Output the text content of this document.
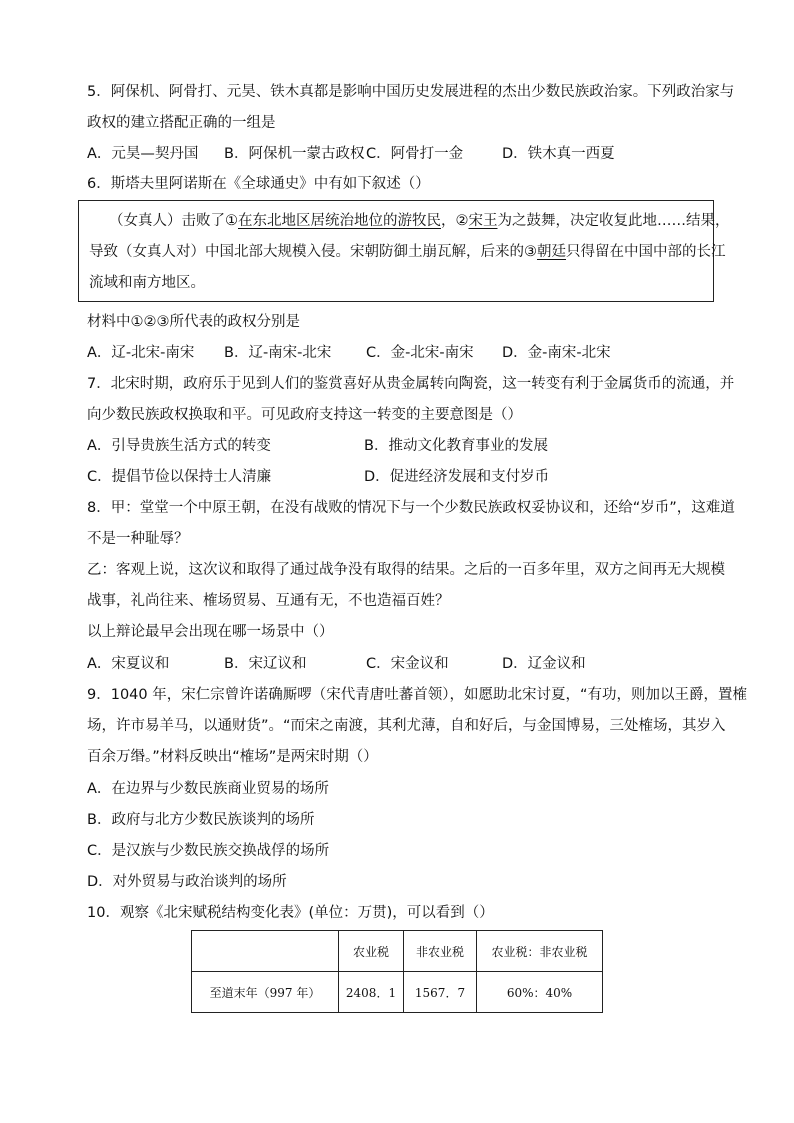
5．阿保机、阿骨打、元昊、铁木真都是影响中国历史发展进程的杰出少数民族政治家。下列政治家与
政权的建立搭配正确的一组是
A．元昊—契丹国 B．阿保机一蒙古政权 C．阿骨打一金	D．铁木真一西夏
6．斯塔夫里阿诺斯在《全球通史》中有如下叙述（）
（女真人）击败了①在东北地区居统治地位的游牧民，②宋王为之鼓舞，决定收复此地……结果，
导致（女真人对）中国北部大规模入侵。宋朝防御土崩瓦解，后来的③朝廷只得留在中国中部的长江
流域和南方地区。
材料中①②③所代表的政权分别是
A．辽-北宋-南宋 B．辽-南宋-北宋 C．金-北宋-南宋 D．金-南宋-北宋
7．北宋时期，政府乐于见到人们的鉴赏喜好从贵金属转向陶瓷，这一转变有利于金属货币的流通，并
向少数民族政权换取和平。可见政府支持这一转变的主要意图是（）
A．引导贵族生活方式的转变	B．推动文化教育事业的发展
C．提倡节俭以保持士人清廉	D．促进经济发展和支付岁币
8．甲：堂堂一个中原王朝，在没有战败的情况下与一个少数民族政权妥协议和，还给“岁币”，这难道
不是一种耻辱？
乙：客观上说，这次议和取得了通过战争没有取得的结果。之后的一百多年里，双方之间再无大规模
战事，礼尚往来、榷场贸易、互通有无，不也造福百姓？
以上辩论最早会出现在哪一场景中（）
A．宋夏议和	B．宋辽议和	C．宋金议和	D．辽金议和
9．1040 年，宋仁宗曾许诺确厮啰（宋代青唐吐蕃首领），如愿助北宋讨夏，“有功，则加以王爵，置榷
场，许市易羊马，以通财货”。“而宋之南渡，其利尤薄，自和好后，与金国博易，三处榷场，其岁入
百余万缗。”材料反映出“榷场”是两宋时期（）
A．在边界与少数民族商业贸易的场所
B．政府与北方少数民族谈判的场所
C．是汉族与少数民族交换战俘的场所
D．对外贸易与政治谈判的场所
10．观察《北宋赋税结构变化表》(单位：万贯)，可以看到（）
	农业税	非农业税	农业税：非农业税
至道末年（997 年）	2408．1	1567．7	60%：40%
